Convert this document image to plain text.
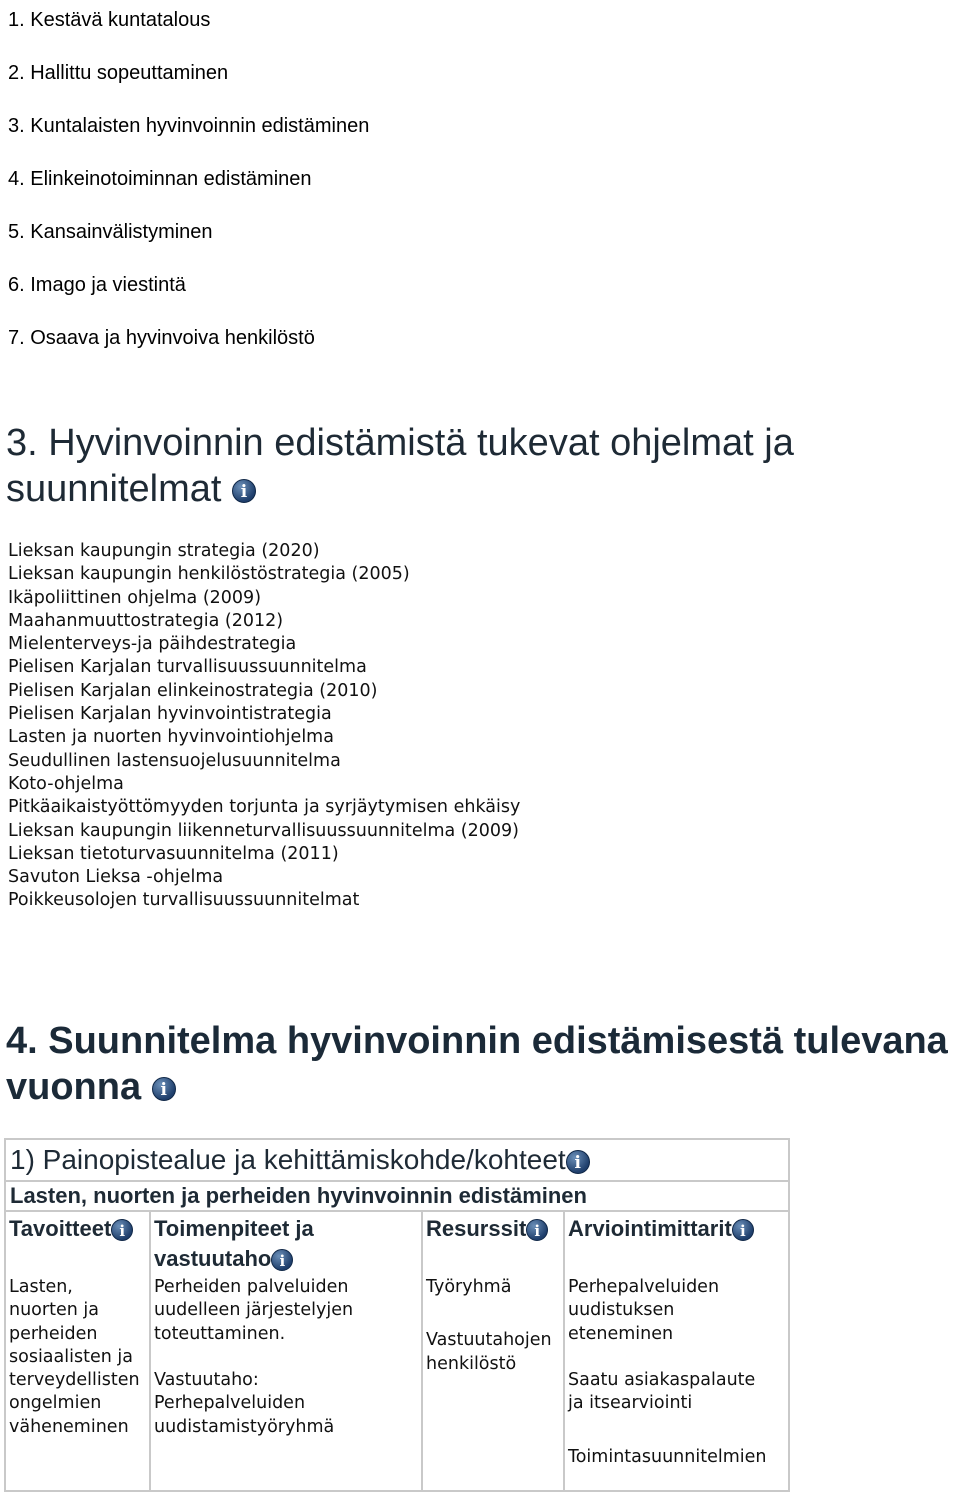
1. Kestävä kuntatalous
2. Hallittu sopeuttaminen
3. Kuntalaisten hyvinvoinnin edistäminen
4. Elinkeinotoiminnan edistäminen
5. Kansainvälistyminen
6. Imago ja viestintä
7. Osaava ja hyvinvoiva henkilöstö
3. Hyvinvoinnin edistämistä tukevat ohjelmat ja
suunnitelmat i
Lieksan kaupungin strategia (2020)
Lieksan kaupungin henkilöstöstrategia (2005)
Ikäpoliittinen ohjelma (2009)
Maahanmuuttostrategia (2012)
Mielenterveys-ja päihdestrategia
Pielisen Karjalan turvallisuussuunnitelma
Pielisen Karjalan elinkeinostrategia (2010)
Pielisen Karjalan hyvinvointistrategia
Lasten ja nuorten hyvinvointiohjelma
Seudullinen lastensuojelusuunnitelma
Koto-ohjelma
Pitkäaikaistyöttömyyden torjunta ja syrjäytymisen ehkäisy
Lieksan kaupungin liikenneturvallisuussuunnitelma (2009)
Lieksan tietoturvasuunnitelma (2011)
Savuton Lieksa -ohjelma
Poikkeusolojen turvallisuussuunnitelmat
4. Suunnitelma hyvinvoinnin edistämisestä tulevana
vuonna i
1) Painopistealue ja kehittämiskohde/kohteet i
Lasten, nuorten ja perheiden hyvinvoinnin edistäminen
Tavoitteet i

Lasten,

nuorten ja

perheiden

sosiaalisten ja

terveydellisten

ongelmien

väheneminen

Toimenpiteet ja
vastuutaho i

Perheiden palveluiden

uudelleen järjestelyjen

toteuttaminen.

Vastuutaho:

Perhepalveluiden

uudistamistyöryhmä

Resurssit i

Työryhmä

Vastuutahojen

henkilöstö

Arviointimittarit i

Perhepalveluiden

uudistuksen

eteneminen

Saatu asiakaspalaute

ja itsearviointi

Toimintasuunnitelmien
